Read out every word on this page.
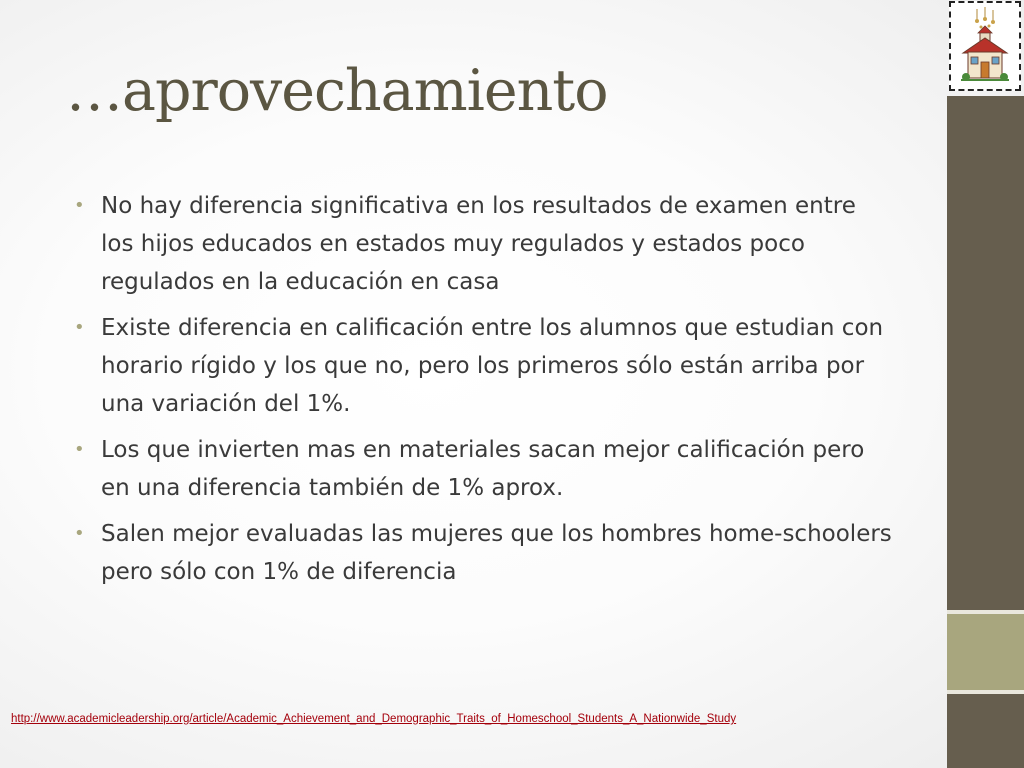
…aprovechamiento
• No hay diferencia significativa en los resultados de examen entre los hijos educados en estados muy regulados y estados poco regulados en la educación en casa
• Existe diferencia en calificación entre los alumnos que estudian con horario rígido y los que no, pero los primeros sólo están arriba por una variación del 1%.
• Los que invierten mas en materiales sacan mejor calificación pero en una diferencia también de 1% aprox.
• Salen mejor evaluadas las mujeres que los hombres home-schoolers pero sólo con 1% de diferencia
http://www.academicleadership.org/article/Academic_Achievement_and_Demographic_Traits_of_Homeschool_Students_A_Nationwide_Study
